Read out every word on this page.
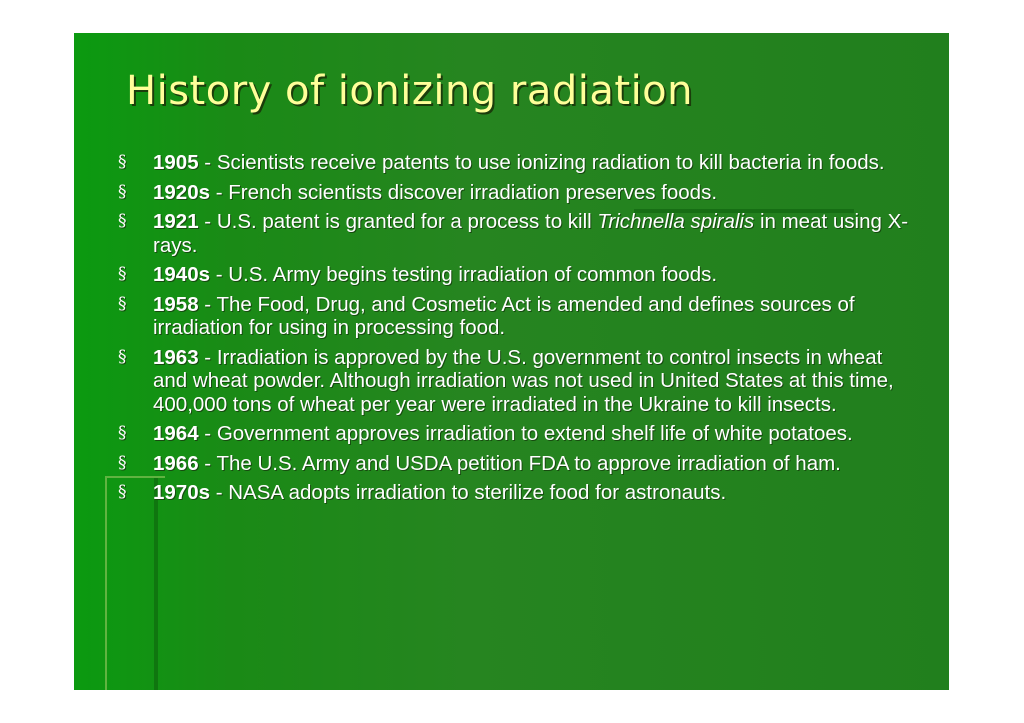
History of ionizing radiation
§ 1905 - Scientists receive patents to use ionizing radiation to kill bacteria in foods.
§ 1920s - French scientists discover irradiation preserves foods.
§ 1921 - U.S. patent is granted for a process to kill Trichnella spiralis in meat using X-rays.
§ 1940s - U.S. Army begins testing irradiation of common foods.
§ 1958 - The Food, Drug, and Cosmetic Act is amended and defines sources of irradiation for using in processing food.
§ 1963 - Irradiation is approved by the U.S. government to control insects in wheat and wheat powder. Although irradiation was not used in United States at this time, 400,000 tons of wheat per year were irradiated in the Ukraine to kill insects.
§ 1964 - Government approves irradiation to extend shelf life of white potatoes.
§ 1966 - The U.S. Army and USDA petition FDA to approve irradiation of ham.
§ 1970s - NASA adopts irradiation to sterilize food for astronauts.
